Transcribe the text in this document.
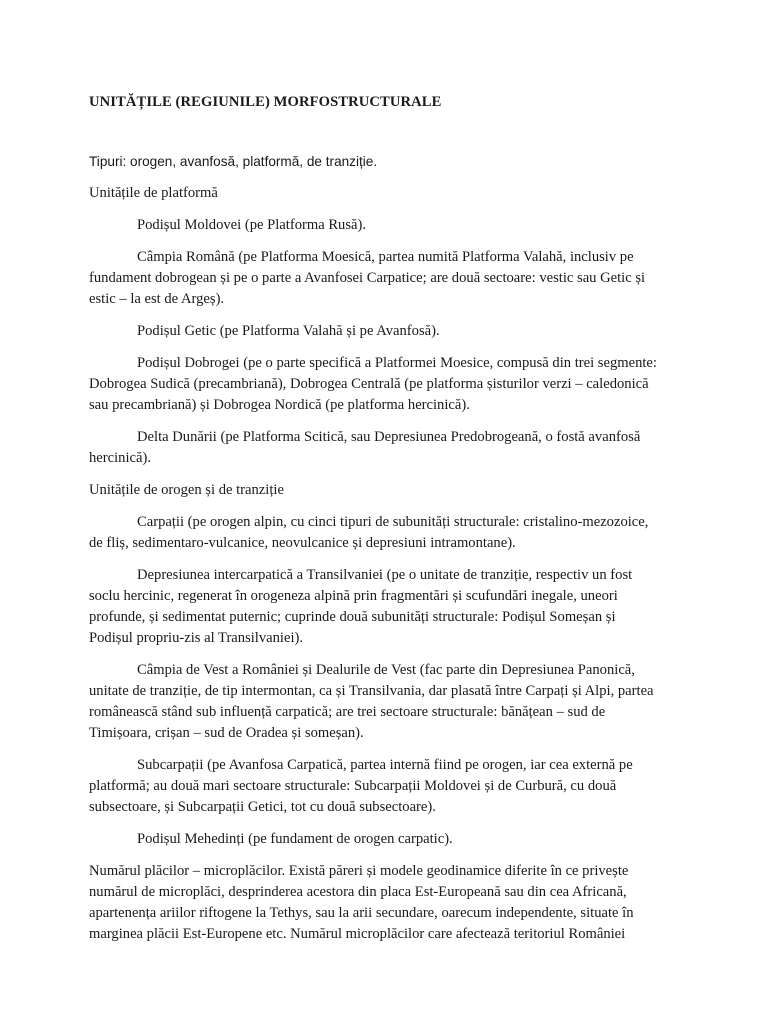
UNITĂȚILE (REGIUNILE) MORFOSTRUCTURALE
Tipuri: orogen, avanfosă, platformă, de tranziție.
Unitățile de platformă
Podișul Moldovei (pe Platforma Rusă).
Câmpia Română (pe Platforma Moesică, partea numită Platforma Valahă, inclusiv pe
fundament dobrogean și pe o parte a Avanfosei Carpatice; are două sectoare: vestic sau Getic și
estic – la est de Argeș).
Podișul Getic (pe Platforma Valahă și pe Avanfosă).
Podișul Dobrogei (pe o parte specifică a Platformei Moesice, compusă din trei segmente:
Dobrogea Sudică (precambriană), Dobrogea Centrală (pe platforma șisturilor verzi – caledonică
sau precambriană) și Dobrogea Nordică (pe platforma hercinică).
Delta Dunării (pe Platforma Scitică, sau Depresiunea Predobrogeană, o fostă avanfosă
hercinică).
Unitățile de orogen și de tranziție
Carpații (pe orogen alpin, cu cinci tipuri de subunități structurale: cristalino-mezozoice,
de fliș, sedimentaro-vulcanice, neovulcanice și depresiuni intramontane).
Depresiunea intercarpatică a Transilvaniei (pe o unitate de tranziție, respectiv un fost
soclu hercinic, regenerat în orogeneza alpină prin fragmentări și scufundări inegale, uneori
profunde, și sedimentat puternic; cuprinde două subunități structurale: Podișul Someșan și
Podișul propriu-zis al Transilvaniei).
Câmpia de Vest a României și Dealurile de Vest (fac parte din Depresiunea Panonică,
unitate de tranziție, de tip intermontan, ca și Transilvania, dar plasată între Carpați și Alpi, partea
românească stând sub influență carpatică; are trei sectoare structurale: bănățean – sud de
Timișoara, crișan – sud de Oradea și someșan).
Subcarpații (pe Avanfosa Carpatică, partea internă fiind pe orogen, iar cea externă pe
platformă; au două mari sectoare structurale: Subcarpații Moldovei și de Curbură, cu două
subsectoare, și Subcarpații Getici, tot cu două subsectoare).
Podișul Mehedinți (pe fundament de orogen carpatic).
Numărul plăcilor – microplăcilor. Există păreri și modele geodinamice diferite în ce privește
numărul de microplăci, desprinderea acestora din placa Est-Europeană sau din cea Africană,
apartenența ariilor riftogene la Tethys, sau la arii secundare, oarecum independente, situate în
marginea plăcii Est-Europene etc. Numărul microplăcilor care afectează teritoriul României
